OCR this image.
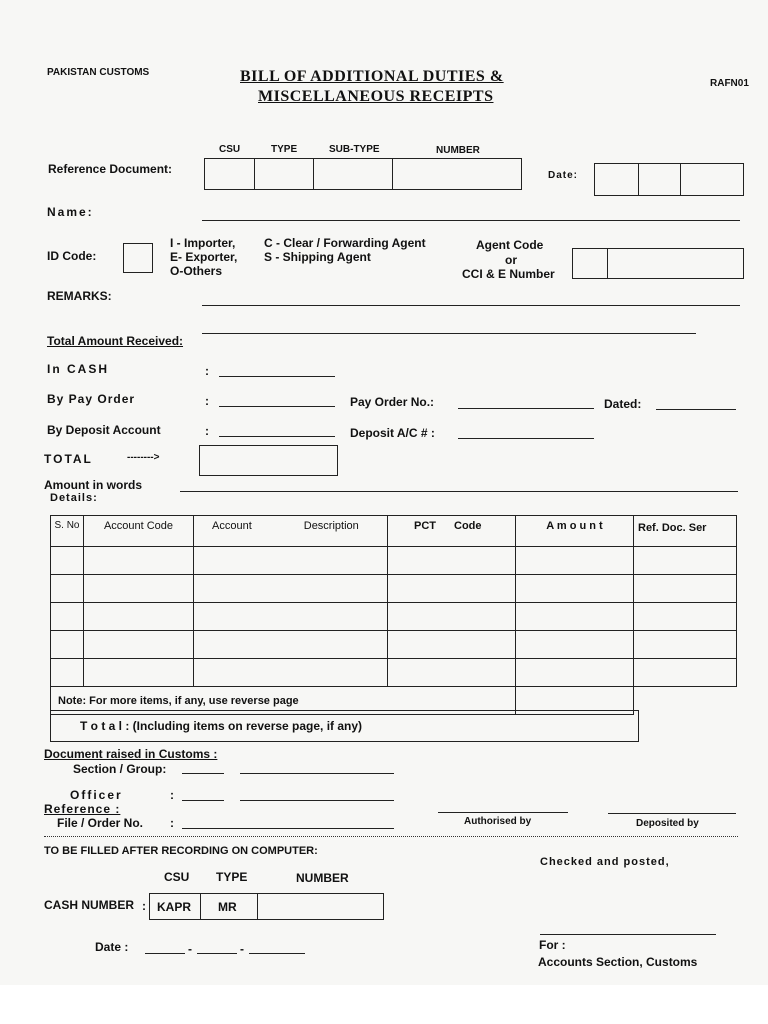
PAKISTAN CUSTOMS	BILL OF ADDITIONAL DUTIES &
MISCELLANEOUS RECEIPTS
RAFN01
CSU	TYPE	SUB-TYPE	NUMBER
Reference Document:	Date:
Name:
ID Code:
I - Importer,
E- Exporter,
O-Others
C - Clear / Forwarding Agent
S - Shipping Agent
Agent Code
or
CCI & E Number
REMARKS:
Total Amount Received:
In CASH	:
By Pay Order	:	Pay Order No.:	Dated:
By Deposit Account	:	Deposit A/C # :
TOTAL	-------->
Amount in words
Details:
S. No	Account Code	Account Description	PCT Code	A m o u n t	Ref. Doc. Ser

Note: For more items, if any, use reverse page					
T o t a l : (Including items on reverse page, if any)
Document raised in Customs :
Section / Group:
Officer	:
Reference :
File / Order No. :	Authorised by	Deposited by
TO BE FILLED AFTER RECORDING ON COMPUTER:
Checked and posted,
CSU TYPE	NUMBER
CASH NUMBER : KAPR MR
Date :	-	-	For :
Accounts Section, Customs
